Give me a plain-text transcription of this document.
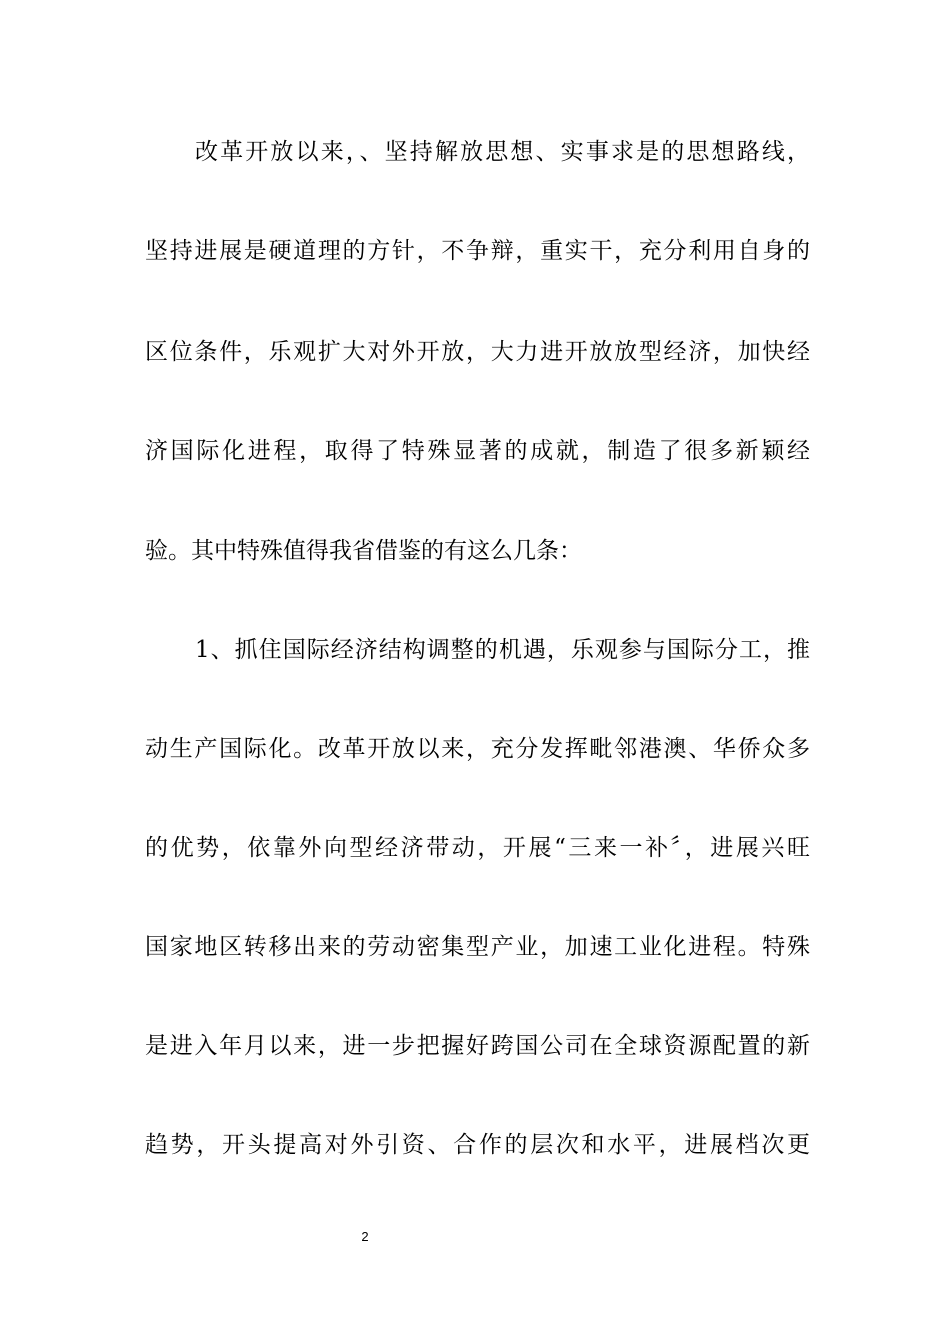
改革开放以来，、坚持解放思想、实事求是的思想路线，
坚持进展是硬道理的方针，不争辩，重实干，充分利用自身的
区位条件，乐观扩大对外开放，大力进开放放型经济，加快经
济国际化进程，取得了特殊显著的成就，制造了很多新颖经
验。其中特殊值得我省借鉴的有这么几条：
1、抓住国际经济结构调整的机遇，乐观参与国际分工，推
动生产国际化。改革开放以来，充分发挥毗邻港澳、华侨众多
的优势，依靠外向型经济带动，开展“三来一补〞，进展兴旺
国家地区转移出来的劳动密集型产业，加速工业化进程。特殊
是进入年月以来，进一步把握好跨国公司在全球资源配置的新
趋势，开头提高对外引资、合作的层次和水平，进展档次更
2
